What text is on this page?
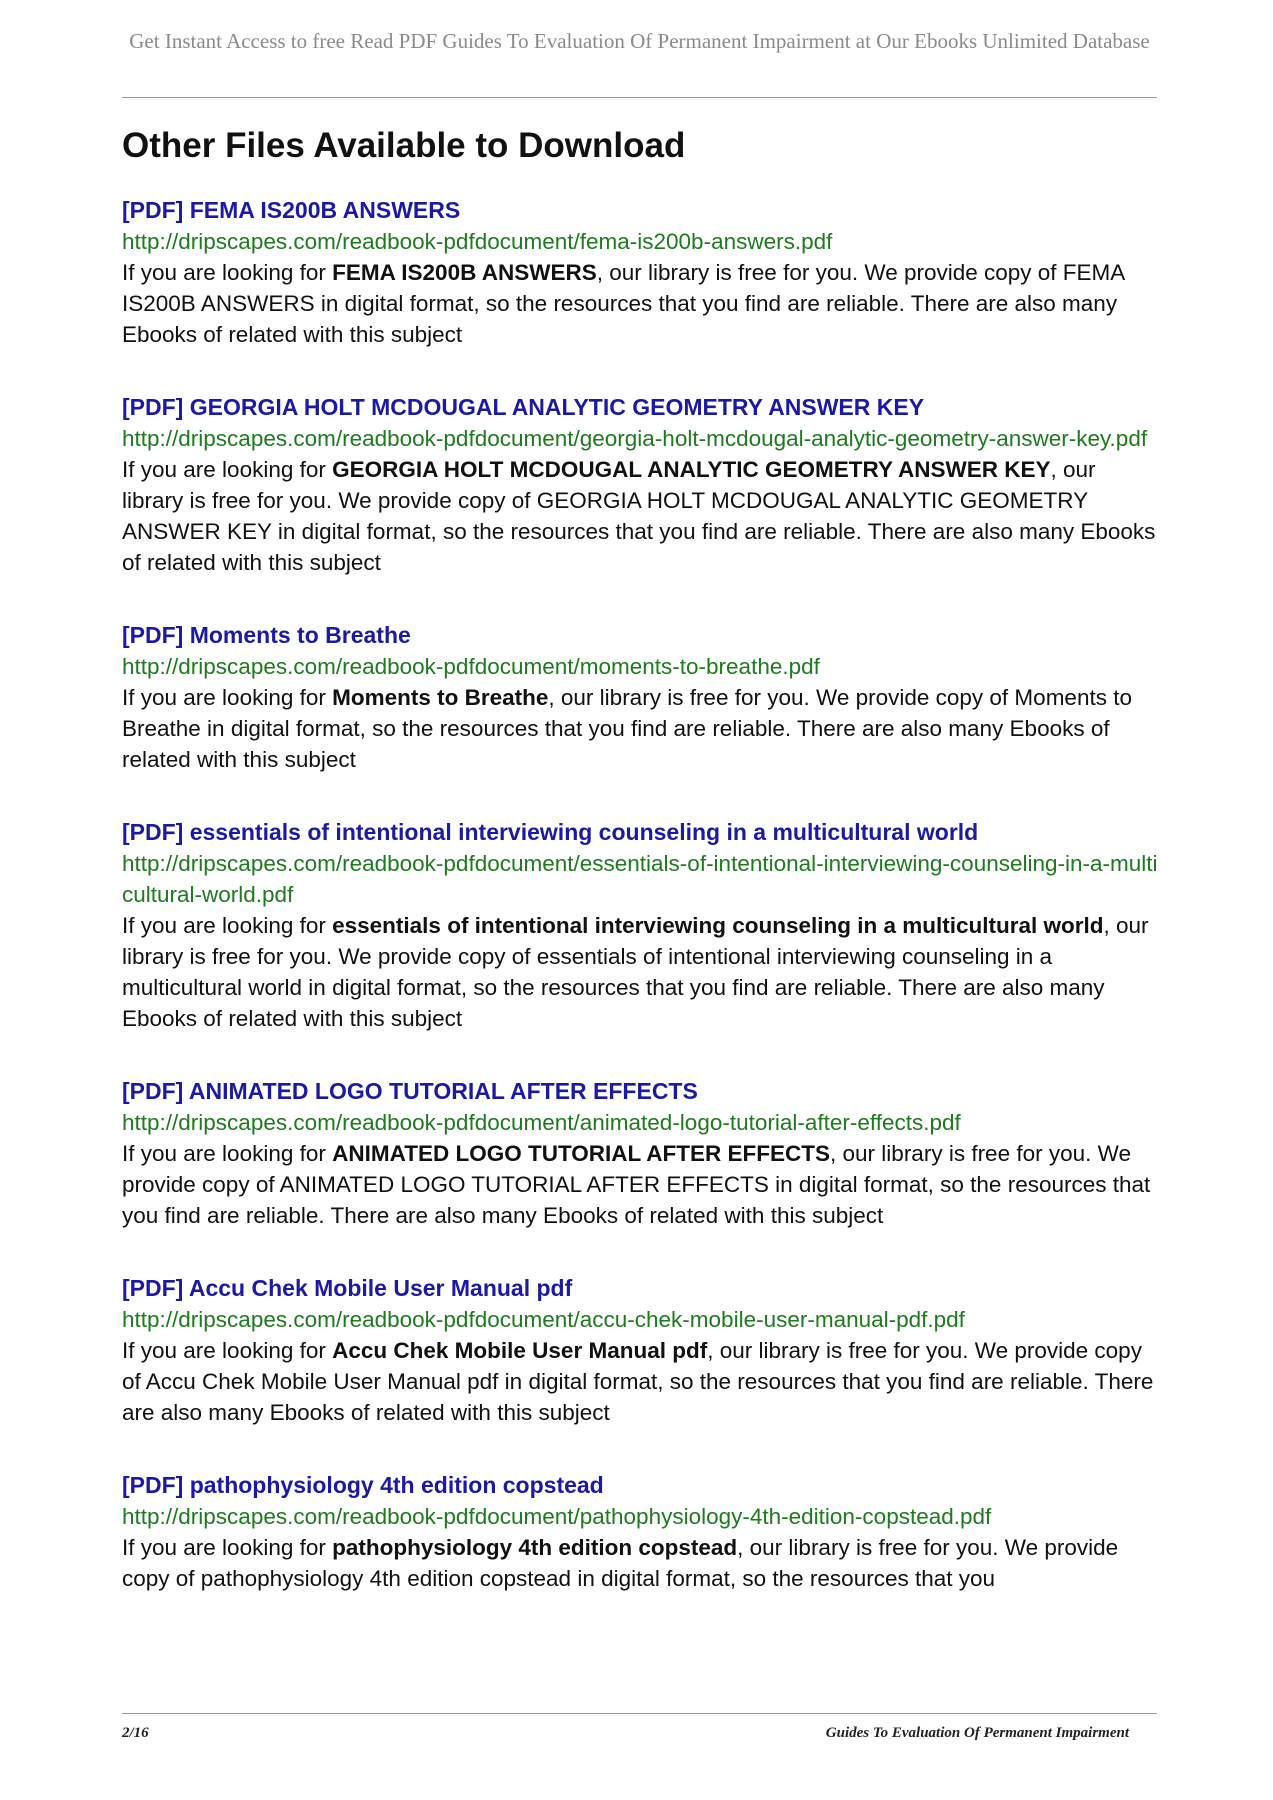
Get Instant Access to free Read PDF Guides To Evaluation Of Permanent Impairment at Our Ebooks Unlimited Database
Other Files Available to Download
[PDF] FEMA IS200B ANSWERS
http://dripscapes.com/readbook-pdfdocument/fema-is200b-answers.pdf
If you are looking for FEMA IS200B ANSWERS, our library is free for you. We provide copy of FEMA IS200B ANSWERS in digital format, so the resources that you find are reliable. There are also many Ebooks of related with this subject
[PDF] GEORGIA HOLT MCDOUGAL ANALYTIC GEOMETRY ANSWER KEY
http://dripscapes.com/readbook-pdfdocument/georgia-holt-mcdougal-analytic-geometry-answer-key.pdf
If you are looking for GEORGIA HOLT MCDOUGAL ANALYTIC GEOMETRY ANSWER KEY, our library is free for you. We provide copy of GEORGIA HOLT MCDOUGAL ANALYTIC GEOMETRY ANSWER KEY in digital format, so the resources that you find are reliable. There are also many Ebooks of related with this subject
[PDF] Moments to Breathe
http://dripscapes.com/readbook-pdfdocument/moments-to-breathe.pdf
If you are looking for Moments to Breathe, our library is free for you. We provide copy of Moments to Breathe in digital format, so the resources that you find are reliable. There are also many Ebooks of related with this subject
[PDF] essentials of intentional interviewing counseling in a multicultural world
http://dripscapes.com/readbook-pdfdocument/essentials-of-intentional-interviewing-counseling-in-a-multicultural-world.pdf
If you are looking for essentials of intentional interviewing counseling in a multicultural world, our library is free for you. We provide copy of essentials of intentional interviewing counseling in a multicultural world in digital format, so the resources that you find are reliable. There are also many Ebooks of related with this subject
[PDF] ANIMATED LOGO TUTORIAL AFTER EFFECTS
http://dripscapes.com/readbook-pdfdocument/animated-logo-tutorial-after-effects.pdf
If you are looking for ANIMATED LOGO TUTORIAL AFTER EFFECTS, our library is free for you. We provide copy of ANIMATED LOGO TUTORIAL AFTER EFFECTS in digital format, so the resources that you find are reliable. There are also many Ebooks of related with this subject
[PDF] Accu Chek Mobile User Manual pdf
http://dripscapes.com/readbook-pdfdocument/accu-chek-mobile-user-manual-pdf.pdf
If you are looking for Accu Chek Mobile User Manual pdf, our library is free for you. We provide copy of Accu Chek Mobile User Manual pdf in digital format, so the resources that you find are reliable. There are also many Ebooks of related with this subject
[PDF] pathophysiology 4th edition copstead
http://dripscapes.com/readbook-pdfdocument/pathophysiology-4th-edition-copstead.pdf
If you are looking for pathophysiology 4th edition copstead, our library is free for you. We provide copy of pathophysiology 4th edition copstead in digital format, so the resources that you
2/16	Guides To Evaluation Of Permanent Impairment
